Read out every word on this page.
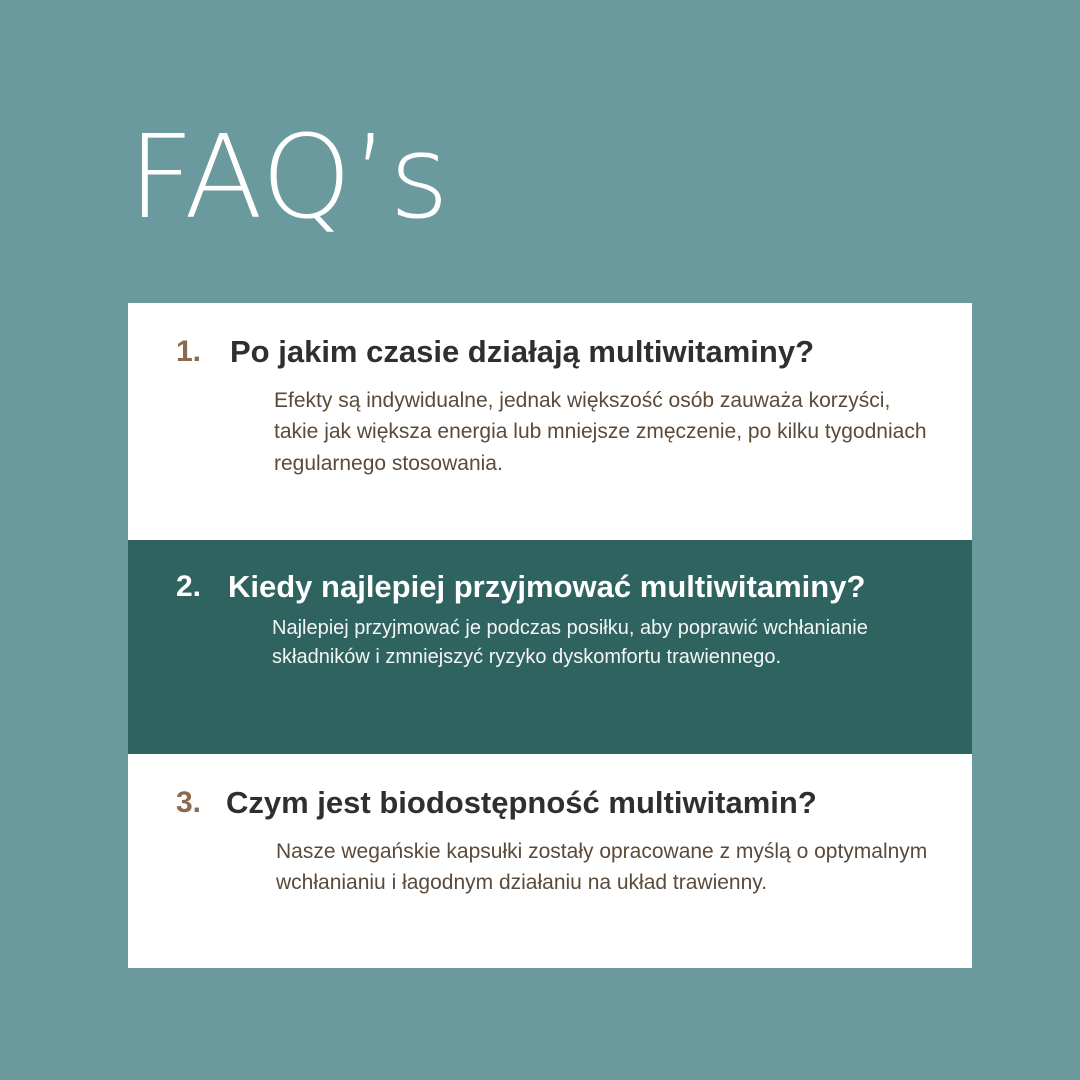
FAQ’s
1. Po jakim czasie działają multiwitaminy?
Efekty są indywidualne, jednak większość osób zauważa korzyści, takie jak większa energia lub mniejsze zmęczenie, po kilku tygodniach regularnego stosowania.
2. Kiedy najlepiej przyjmować multiwitaminy?
Najlepiej przyjmować je podczas posiłku, aby poprawić wchłanianie składników i zmniejszyć ryzyko dyskomfortu trawiennego.
3. Czym jest biodostępność multiwitamin?
Nasze wegańskie kapsułki zostały opracowane z myślą o optymalnym wchłanianiu i łagodnym działaniu na układ trawienny.
